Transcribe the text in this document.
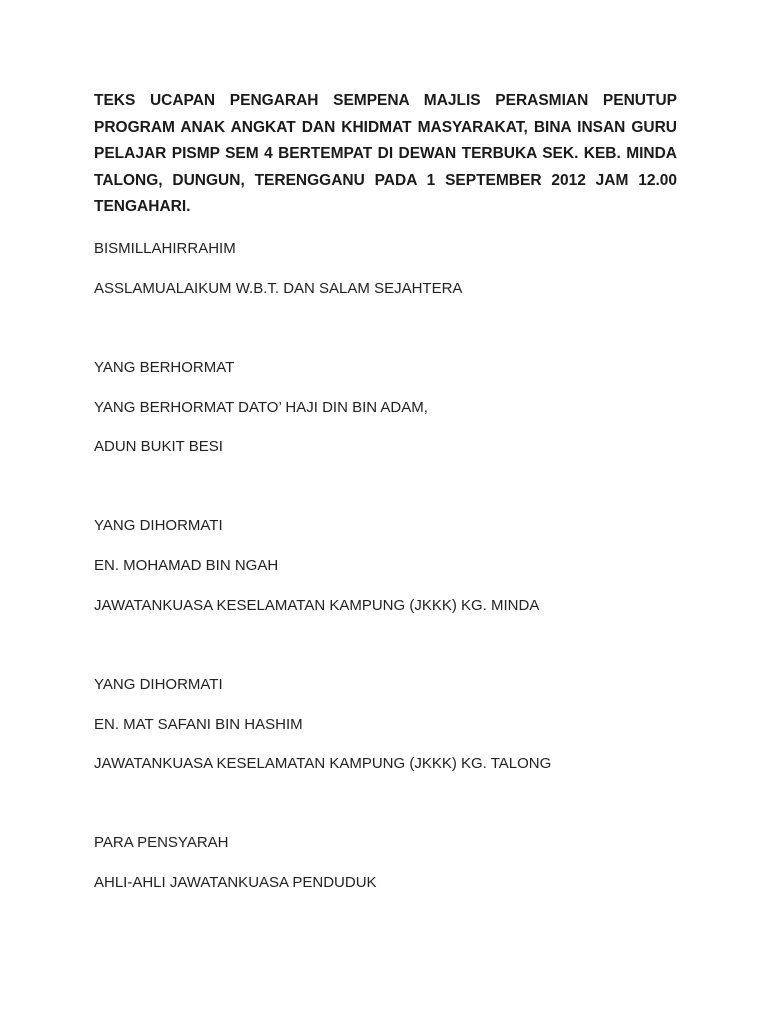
TEKS UCAPAN PENGARAH SEMPENA MAJLIS PERASMIAN PENUTUP
PROGRAM ANAK ANGKAT DAN KHIDMAT MASYARAKAT, BINA INSAN GURU
PELAJAR PISMP SEM 4 BERTEMPAT DI DEWAN TERBUKA SEK. KEB. MINDA
TALONG, DUNGUN, TERENGGANU PADA 1 SEPTEMBER 2012 JAM 12.00
TENGAHARI.

BISMILLAHIRRAHIM

ASSLAMUALAIKUM W.B.T. DAN SALAM SEJAHTERA

YANG BERHORMAT

YANG BERHORMAT DATO’ HAJI DIN BIN ADAM,

ADUN BUKIT BESI

YANG DIHORMATI

EN. MOHAMAD BIN NGAH

JAWATANKUASA KESELAMATAN KAMPUNG (JKKK) KG. MINDA

YANG DIHORMATI

EN. MAT SAFANI BIN HASHIM

JAWATANKUASA KESELAMATAN KAMPUNG (JKKK) KG. TALONG

PARA PENSYARAH

AHLI-AHLI JAWATANKUASA PENDUDUK
